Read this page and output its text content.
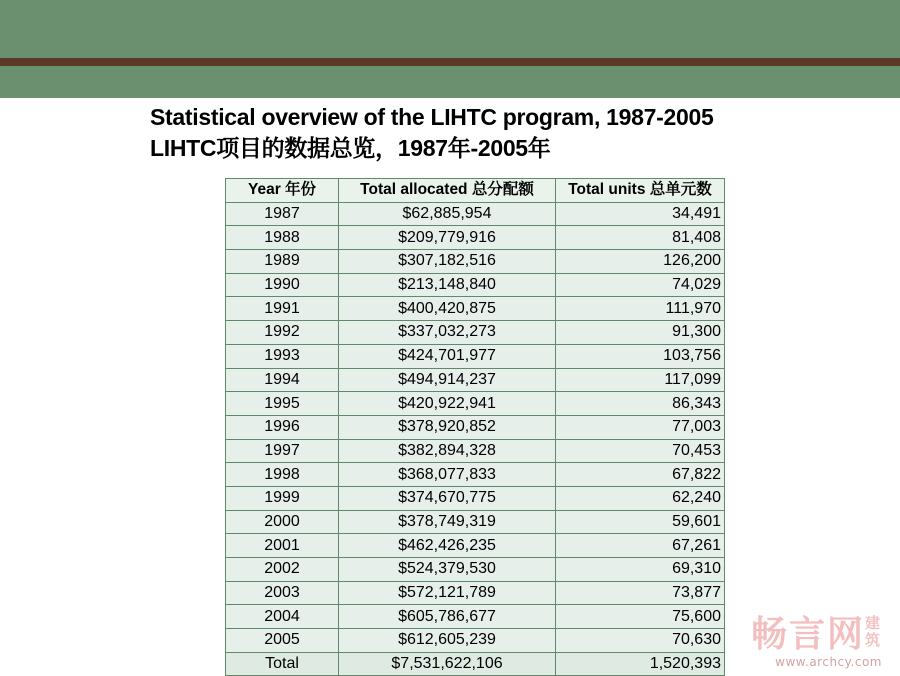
Statistical overview of the LIHTC program, 1987-2005
LIHTC项目的数据总览，1987年-2005年
Year 年份	Total allocated 总分配额	Total units 总单元数
1987	$62,885,954	34,491
1988	$209,779,916	81,408
1989	$307,182,516	126,200
1990	$213,148,840	74,029
1991	$400,420,875	111,970
1992	$337,032,273	91,300
1993	$424,701,977	103,756
1994	$494,914,237	117,099
1995	$420,922,941	86,343
1996	$378,920,852	77,003
1997	$382,894,328	70,453
1998	$368,077,833	67,822
1999	$374,670,775	62,240
2000	$378,749,319	59,601
2001	$462,426,235	67,261
2002	$524,379,530	69,310
2003	$572,121,789	73,877
2004	$605,786,677	75,600
2005	$612,605,239	70,630
Total	$7,531,622,106	1,520,393
畅言网建筑
www.archcy.com
